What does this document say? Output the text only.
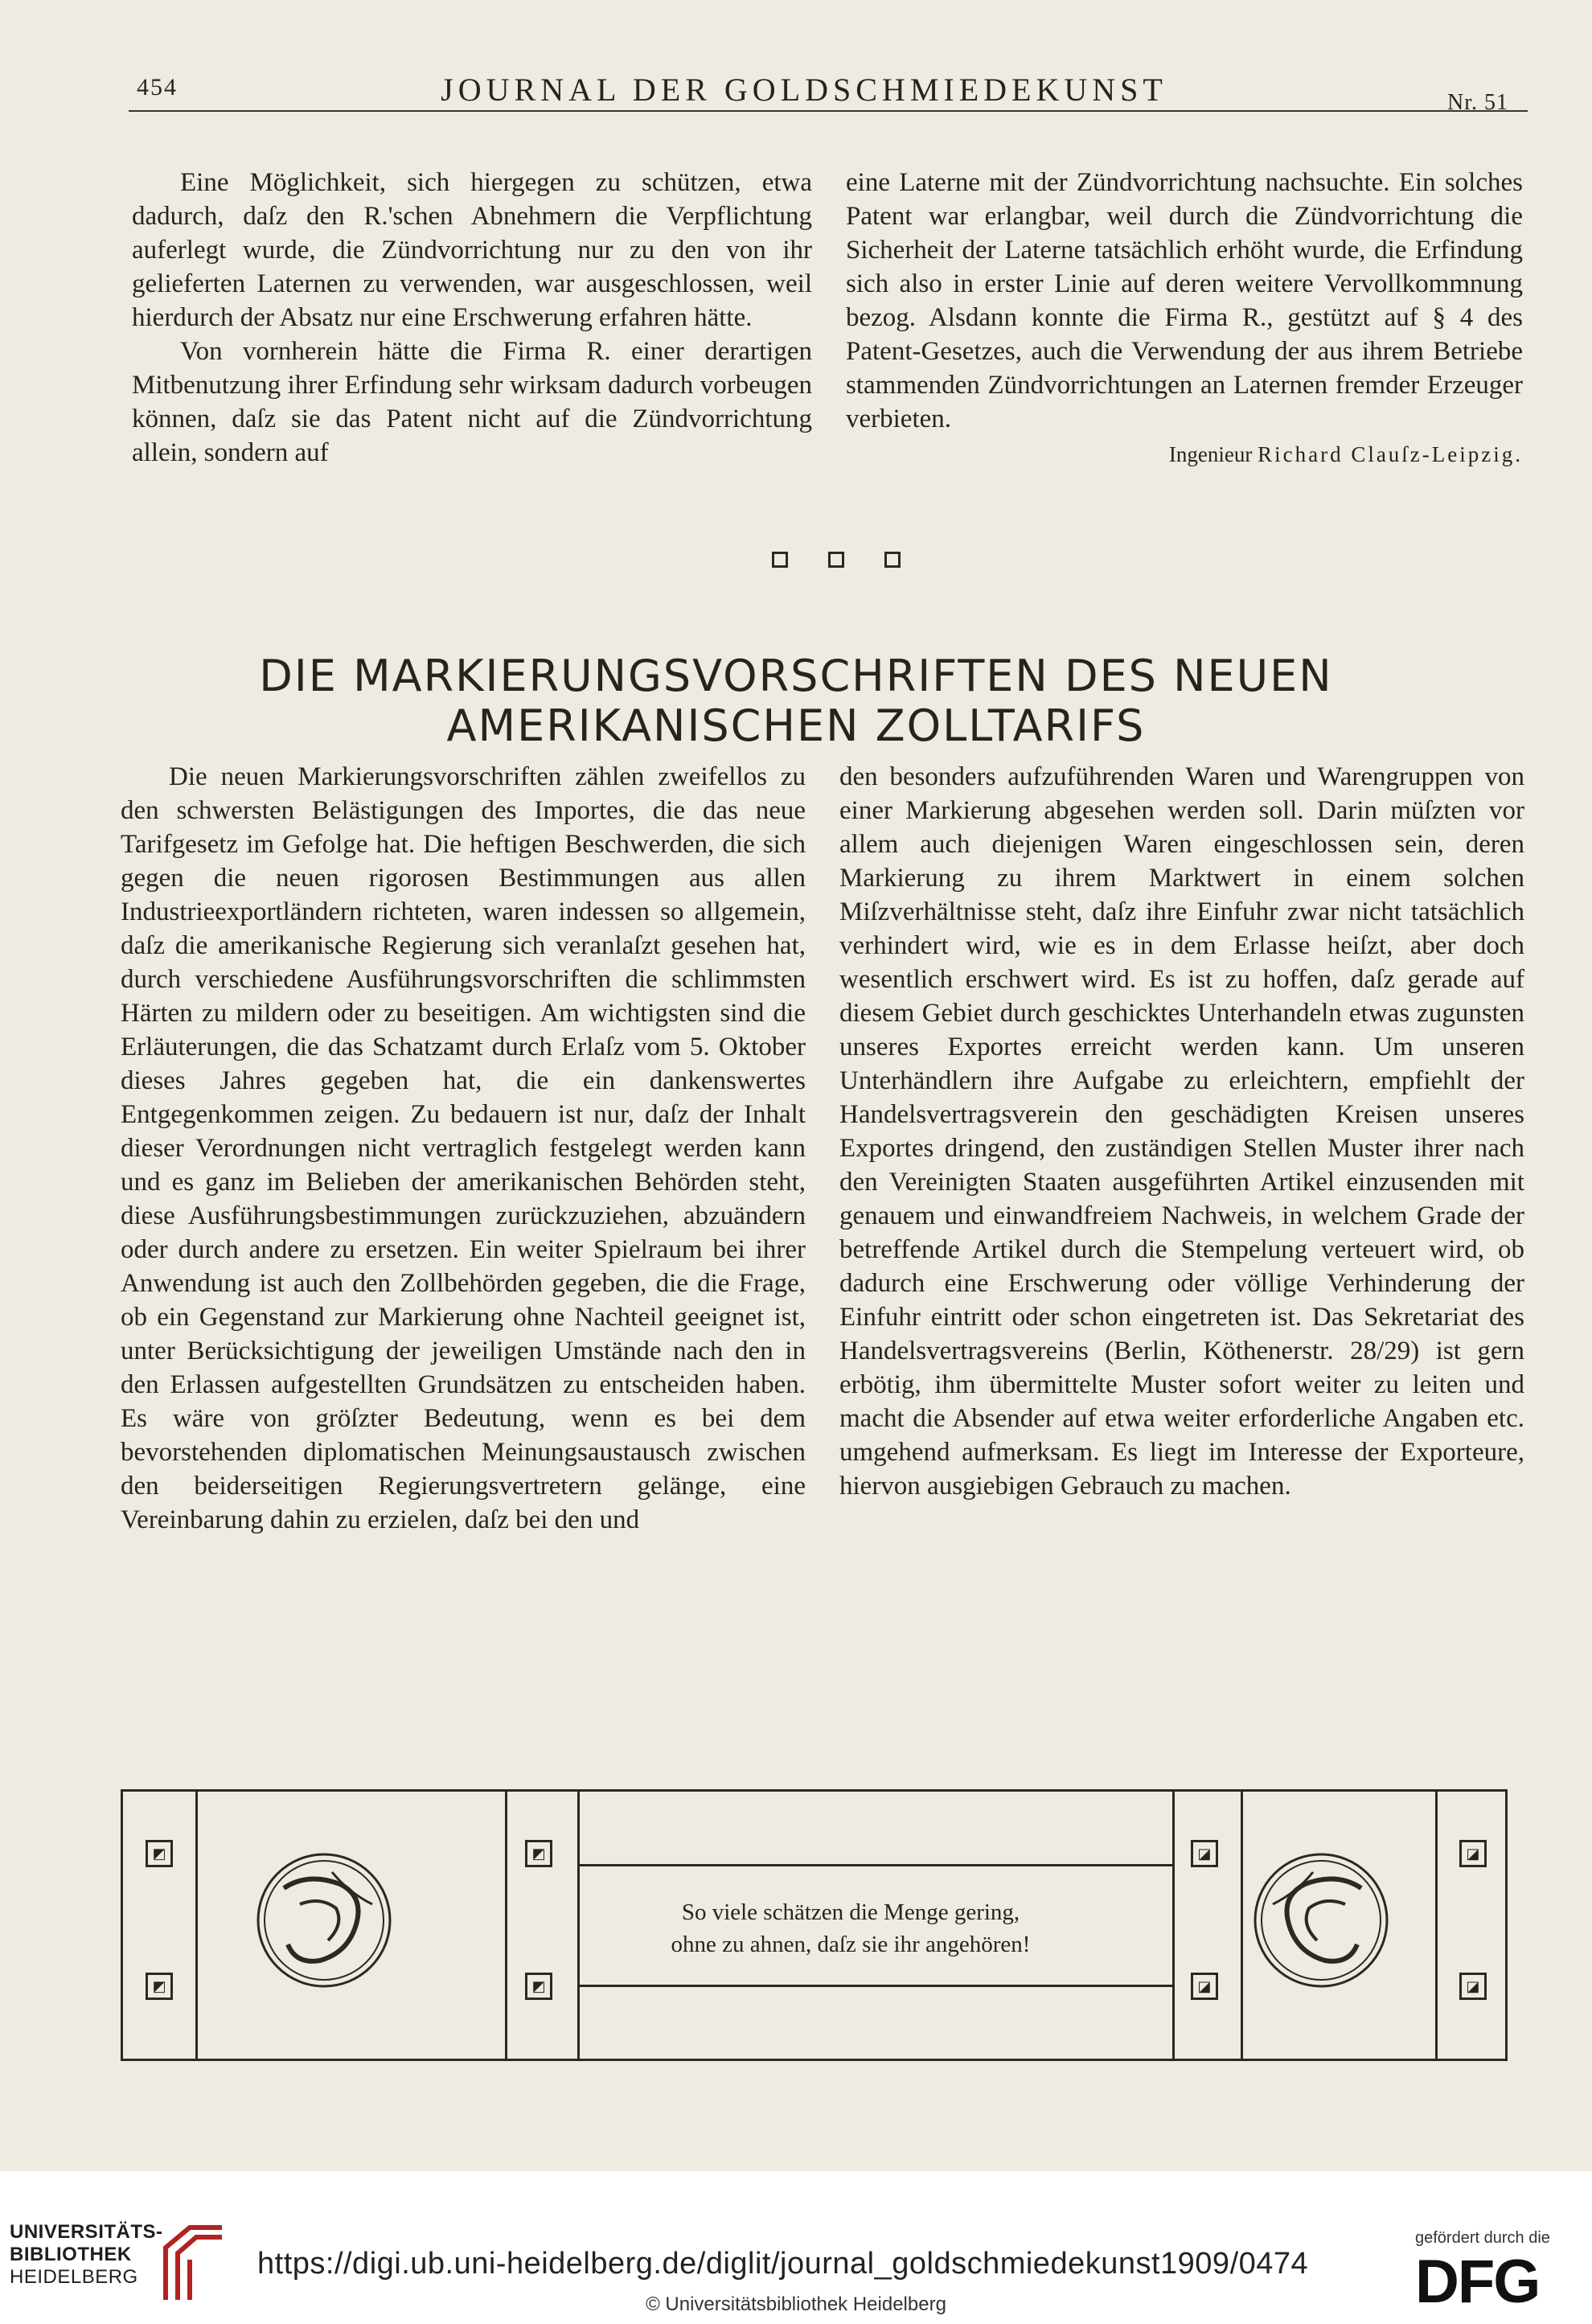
454	JOURNAL DER GOLDSCHMIEDEKUNST	Nr. 51

Eine Möglichkeit, sich hiergegen zu schützen, etwa dadurch, daſz den R.'schen Abnehmern die Verpflichtung auferlegt wurde, die Zündvorrichtung nur zu den von ihr gelieferten Laternen zu verwenden, war ausgeschlossen, weil hierdurch der Absatz nur eine Erschwerung erfahren hätte.

Von vornherein hätte die Firma R. einer derartigen Mitbenutzung ihrer Erfindung sehr wirksam dadurch vorbeugen können, daſz sie das Patent nicht auf die Zündvorrichtung allein, sondern auf

eine Laterne mit der Zündvorrichtung nachsuchte. Ein solches Patent war erlangbar, weil durch die Zündvorrichtung die Sicherheit der Laterne tatsächlich erhöht wurde, die Erfindung sich also in erster Linie auf deren weitere Vervollkommnung bezog. Alsdann konnte die Firma R., gestützt auf § 4 des Patent-Gesetzes, auch die Verwendung der aus ihrem Betriebe stammenden Zündvorrichtungen an Laternen fremder Erzeuger verbieten.

Ingenieur Richard Clauſz-Leipzig.
DIE MARKIERUNGSVORSCHRIFTEN DES NEUEN
AMERIKANISCHEN ZOLLTARIFS

Die neuen Markierungsvorschriften zählen zweifellos zu den schwersten Belästigungen des Importes, die das neue Tarifgesetz im Gefolge hat. Die heftigen Beschwerden, die sich gegen die neuen rigorosen Bestimmungen aus allen Industrieexportländern richteten, waren indessen so allgemein, daſz die amerikanische Regierung sich veranlaſzt gesehen hat, durch verschiedene Ausführungsvorschriften die schlimmsten Härten zu mildern oder zu beseitigen. Am wichtigsten sind die Erläuterungen, die das Schatzamt durch Erlaſz vom 5. Oktober dieses Jahres gegeben hat, die ein dankenswertes Entgegenkommen zeigen. Zu bedauern ist nur, daſz der Inhalt dieser Verordnungen nicht vertraglich festgelegt werden kann und es ganz im Belieben der amerikanischen Behörden steht, diese Ausführungsbestimmungen zurückzuziehen, abzuändern oder durch andere zu ersetzen. Ein weiter Spielraum bei ihrer Anwendung ist auch den Zollbehörden gegeben, die die Frage, ob ein Gegenstand zur Markierung ohne Nachteil geeignet ist, unter Berücksichtigung der jeweiligen Umstände nach den in den Erlassen aufgestellten Grundsätzen zu entscheiden haben. Es wäre von gröſzter Bedeutung, wenn es bei dem bevorstehenden diplomatischen Meinungsaustausch zwischen den beiderseitigen Regierungsvertretern gelänge, eine Vereinbarung dahin zu erzielen, daſz bei den und

den besonders aufzuführenden Waren und Warengruppen von einer Markierung abgesehen werden soll. Darin müſzten vor allem auch diejenigen Waren eingeschlossen sein, deren Markierung zu ihrem Marktwert in einem solchen Miſzverhältnisse steht, daſz ihre Einfuhr zwar nicht tatsächlich verhindert wird, wie es in dem Erlasse heiſzt, aber doch wesentlich erschwert wird. Es ist zu hoffen, daſz gerade auf diesem Gebiet durch geschicktes Unterhandeln etwas zugunsten unseres Exportes erreicht werden kann. Um unseren Unterhändlern ihre Aufgabe zu erleichtern, empfiehlt der Handelsvertragsverein den geschädigten Kreisen unseres Exportes dringend, den zuständigen Stellen Muster ihrer nach den Vereinigten Staaten ausgeführten Artikel einzusenden mit genauem und einwandfreiem Nachweis, in welchem Grade der betreffende Artikel durch die Stempelung verteuert wird, ob dadurch eine Erschwerung oder völlige Verhinderung der Einfuhr eintritt oder schon eingetreten ist. Das Sekretariat des Handelsvertragsvereins (Berlin, Köthenerstr. 28/29) ist gern erbötig, ihm übermittelte Muster sofort weiter zu leiten und macht die Absender auf etwa weiter erforderliche Angaben etc. umgehend aufmerksam. Es liegt im Interesse der Exporteure, hiervon ausgiebigen Gebrauch zu machen.

◩
◩
◩
◩
◪
◪
◪
◪
So viele schätzen die Menge gering,
ohne zu ahnen, daſz sie ihr angehören!
UNIVERSITÄTS-
BIBLIOTHEK
HEIDELBERG	https://digi.ub.uni-heidelberg.de/diglit/journal_goldschmiedekunst1909/0474
© Universitätsbibliothek Heidelberg
gefördert durch die
DFG
